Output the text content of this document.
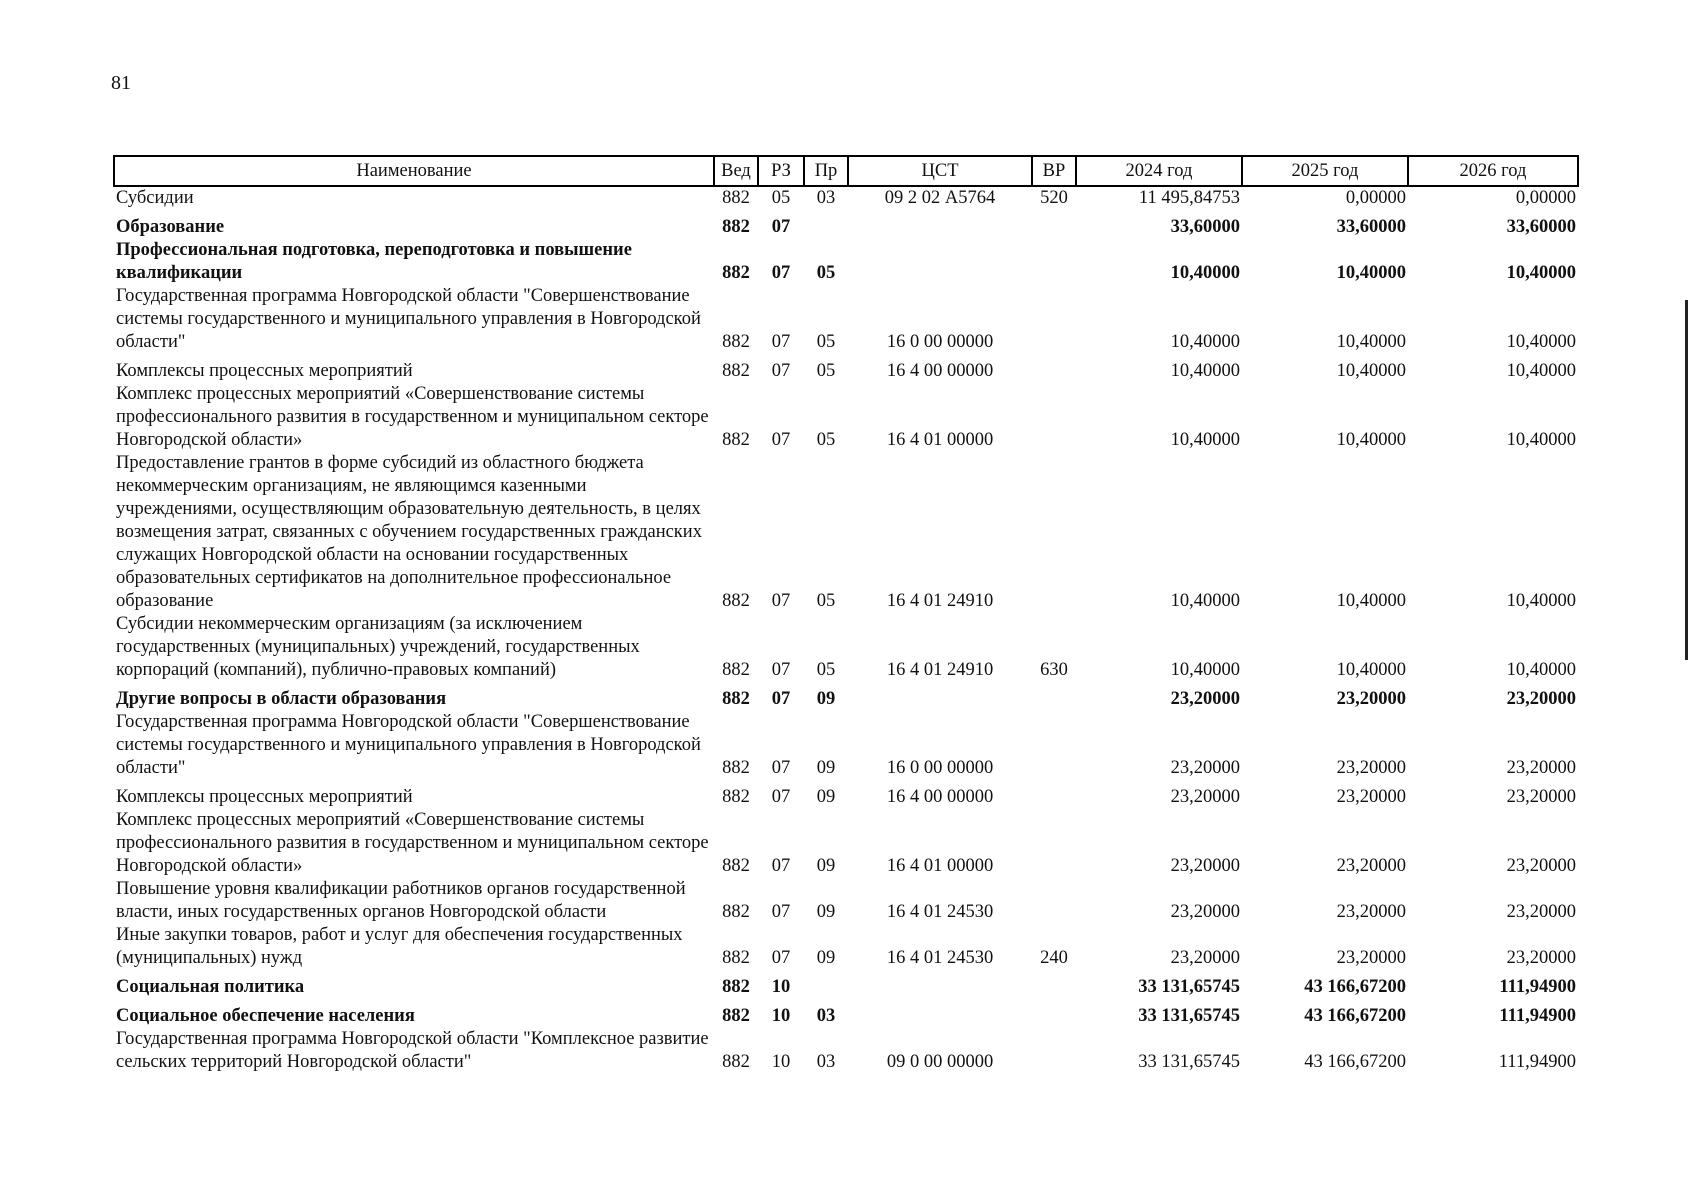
81
Наименование	Вед	РЗ	Пр	ЦСТ	ВР	2024 год	2025 год	2026 год
Субсидии	882	05	03	09 2 02 А5764	520	11 495,84753	0,00000	0,00000
Образование	882	07				33,60000	33,60000	33,60000
Профессиональная подготовка, переподготовка и повышение квалификации	882	07	05			10,40000	10,40000	10,40000
Государственная программа Новгородской области "Совершенствование системы государственного и муниципального управления в Новгородской области"	882	07	05	16 0 00 00000		10,40000	10,40000	10,40000
Комплексы процессных мероприятий	882	07	05	16 4 00 00000		10,40000	10,40000	10,40000
Комплекс процессных мероприятий «Совершенствование системы профессионального развития в государственном и муниципальном секторе Новгородской области»	882	07	05	16 4 01 00000		10,40000	10,40000	10,40000
Предоставление грантов в форме субсидий из областного бюджета некоммерческим организациям, не являющимся казенными учреждениями, осуществляющим образовательную деятельность, в целях возмещения затрат, связанных с обучением государственных гражданских служащих Новгородской области на основании государственных образовательных сертификатов на дополнительное профессиональное образование	882	07	05	16 4 01 24910		10,40000	10,40000	10,40000
Субсидии некоммерческим организациям (за исключением государственных (муниципальных) учреждений, государственных корпораций (компаний), публично-правовых компаний)	882	07	05	16 4 01 24910	630	10,40000	10,40000	10,40000
Другие вопросы в области образования	882	07	09			23,20000	23,20000	23,20000
Государственная программа Новгородской области "Совершенствование системы государственного и муниципального управления в Новгородской области"	882	07	09	16 0 00 00000		23,20000	23,20000	23,20000
Комплексы процессных мероприятий	882	07	09	16 4 00 00000		23,20000	23,20000	23,20000
Комплекс процессных мероприятий «Совершенствование системы профессионального развития в государственном и муниципальном секторе Новгородской области»	882	07	09	16 4 01 00000		23,20000	23,20000	23,20000
Повышение уровня квалификации работников органов государственной власти, иных государственных органов Новгородской области	882	07	09	16 4 01 24530		23,20000	23,20000	23,20000
Иные закупки товаров, работ и услуг для обеспечения государственных (муниципальных) нужд	882	07	09	16 4 01 24530	240	23,20000	23,20000	23,20000
Социальная политика	882	10				33 131,65745	43 166,67200	111,94900
Социальное обеспечение населения	882	10	03			33 131,65745	43 166,67200	111,94900
Государственная программа Новгородской области "Комплексное развитие сельских территорий Новгородской области"	882	10	03	09 0 00 00000		33 131,65745	43 166,67200	111,94900
